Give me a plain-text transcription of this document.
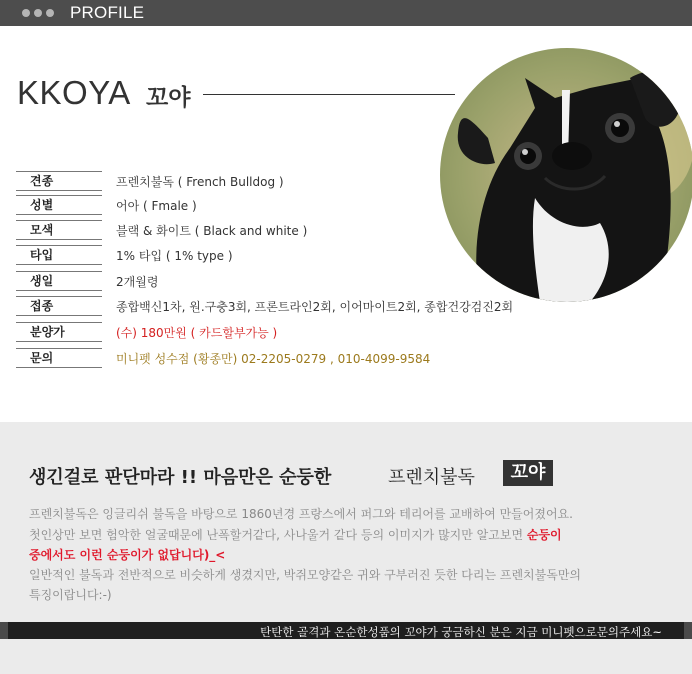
PROFILE
KKOYA 꼬야
견종	프렌치불독 ( French Bulldog )
성별	어아 ( Fmale )
모색	블랙 & 화이트 ( Black and white )
타입	1% 타입 ( 1% type )
생일	2개월령
접종	종합백신1차, 원.구충3회, 프론트라인2회, 이어마이트2회, 종합건강검진2회
분양가	(수) 180만원 ( 카드할부가능 )
문의	미니펫 성수점 (황종만) 02-2205-0279 , 010-4099-9584
생긴걸로 판단마라 !! 마음만은 순둥한	프렌치불독	꼬야
프렌치불독은 잉글리쉬 불독을 바탕으로 1860년경 프랑스에서 퍼그와 테리어를 교배하여 만들어졌어요.
첫인상만 보면 험악한 얼굴때문에 난폭할거같다, 사나울거 같다 등의 이미지가 많지만 알고보면 순둥이
중에서도 이런 순둥이가 없답니다)_<
일반적인 불독과 전반적으로 비슷하게 생겼지만, 박쥐모양같은 귀와 구부러진 듯한 다리는 프렌치불독만의
특징이랍니다:-)
탄탄한 골격과 온순한성품의 꼬야가 궁금하신 분은 지금 미니펫으로문의주세요~
